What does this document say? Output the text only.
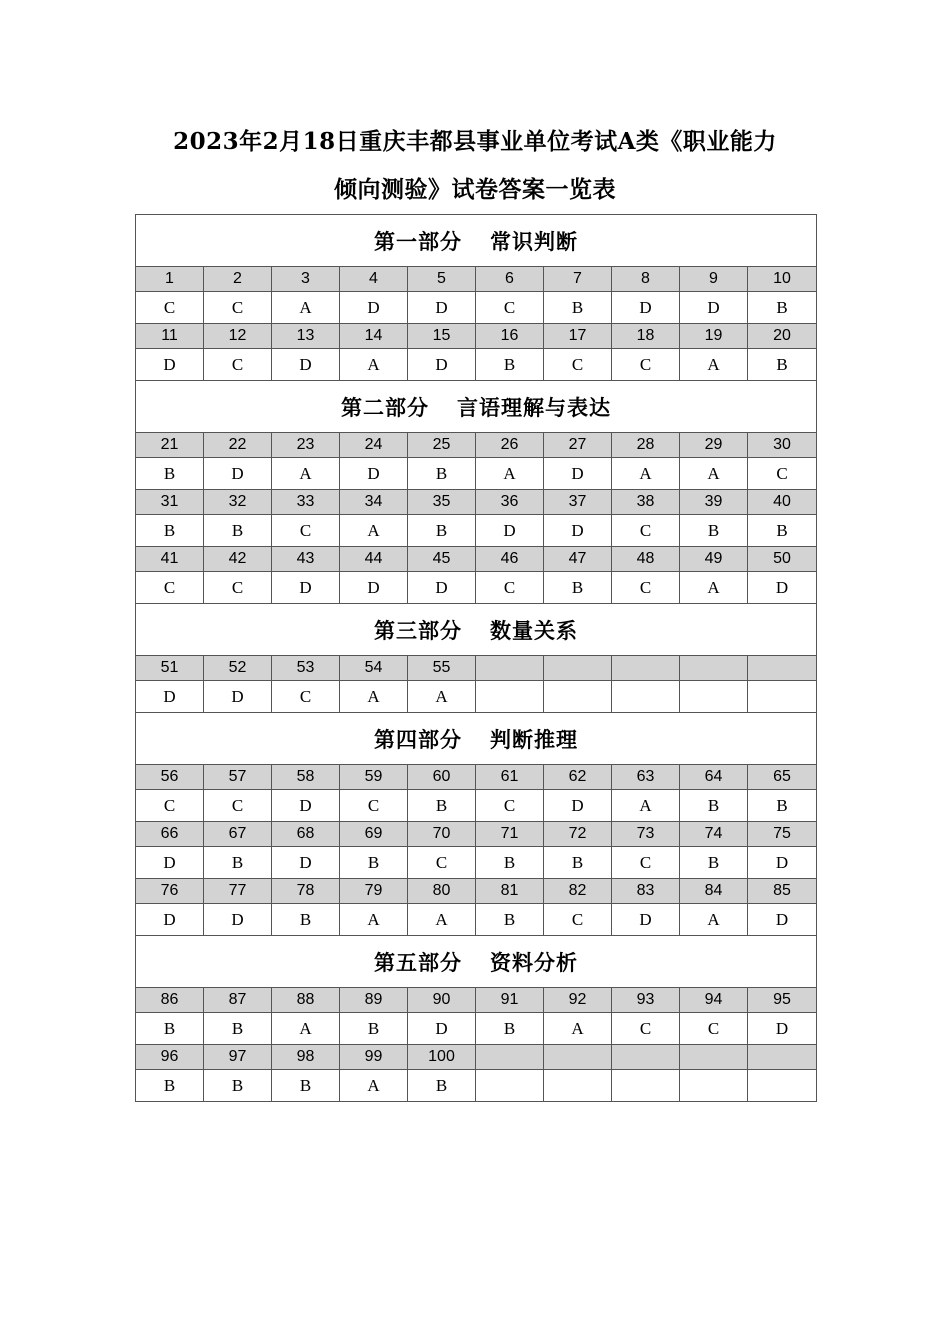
2023年2月18日重庆丰都县事业单位考试A类《职业能力
倾向测验》试卷答案一览表
第一部分 常识判断									
1	2	3	4	5	6	7	8	9	10
C	C	A	D	D	C	B	D	D	B
11	12	13	14	15	16	17	18	19	20
D	C	D	A	D	B	C	C	A	B
第二部分 言语理解与表达									
21	22	23	24	25	26	27	28	29	30
B	D	A	D	B	A	D	A	A	C
31	32	33	34	35	36	37	38	39	40
B	B	C	A	B	D	D	C	B	B
41	42	43	44	45	46	47	48	49	50
C	C	D	D	D	C	B	C	A	D
第三部分 数量关系									
51	52	53	54	55					
D	D	C	A	A					
第四部分 判断推理									
56	57	58	59	60	61	62	63	64	65
C	C	D	C	B	C	D	A	B	B
66	67	68	69	70	71	72	73	74	75
D	B	D	B	C	B	B	C	B	D
76	77	78	79	80	81	82	83	84	85
D	D	B	A	A	B	C	D	A	D
第五部分 资料分析									
86	87	88	89	90	91	92	93	94	95
B	B	A	B	D	B	A	C	C	D
96	97	98	99	100					
B	B	B	A	B					
